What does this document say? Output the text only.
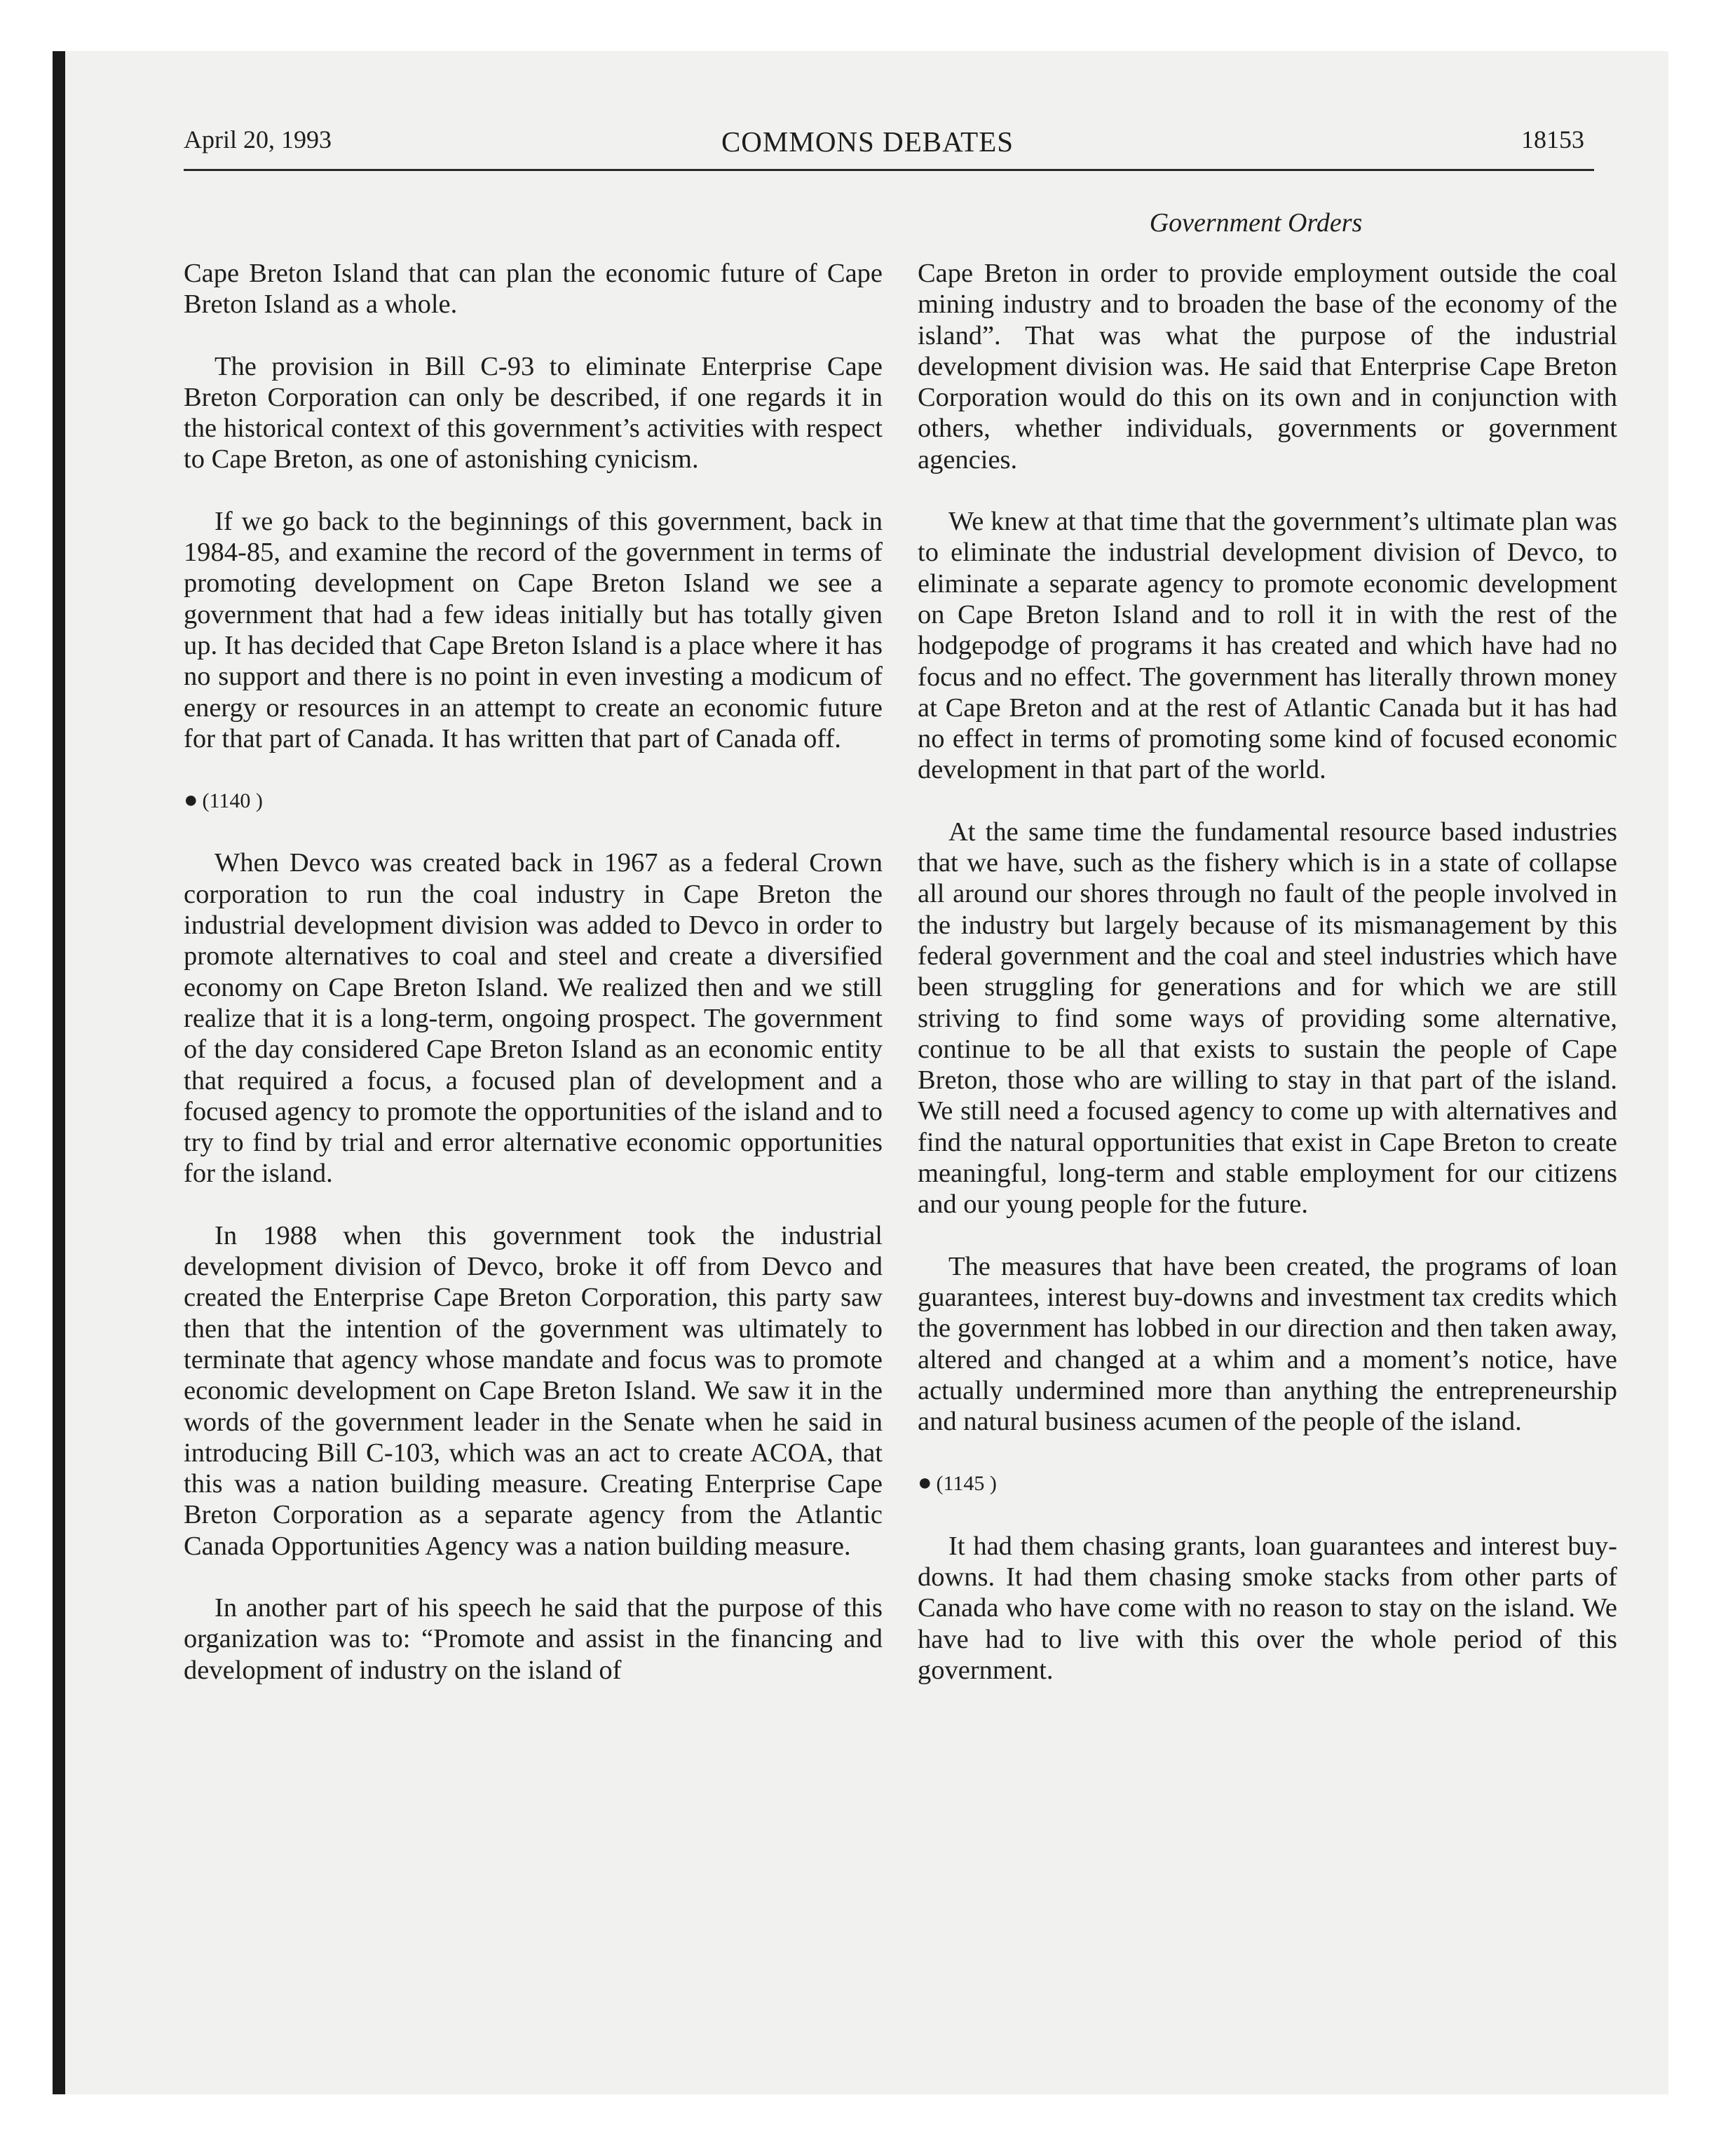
April 20, 1993	COMMONS DEBATES	18153
Government Orders

Cape Breton Island that can plan the economic future of Cape Breton Island as a whole.

The provision in Bill C-93 to eliminate Enterprise Cape Breton Corporation can only be described, if one regards it in the historical context of this government’s activities with respect to Cape Breton, as one of astonishing cynicism.

If we go back to the beginnings of this government, back in 1984-85, and examine the record of the government in terms of promoting development on Cape Breton Island we see a government that had a few ideas initially but has totally given up. It has decided that Cape Breton Island is a place where it has no support and there is no point in even investing a modicum of energy or resources in an attempt to create an economic future for that part of Canada. It has written that part of Canada off.

● (1140 )

When Devco was created back in 1967 as a federal Crown corporation to run the coal industry in Cape Breton the industrial development division was added to Devco in order to promote alternatives to coal and steel and create a diversified economy on Cape Breton Island. We realized then and we still realize that it is a long-term, ongoing prospect. The government of the day considered Cape Breton Island as an economic entity that required a focus, a focused plan of development and a focused agency to promote the opportunities of the island and to try to find by trial and error alternative economic opportunities for the island.

In 1988 when this government took the industrial development division of Devco, broke it off from Devco and created the Enterprise Cape Breton Corporation, this party saw then that the intention of the government was ultimately to terminate that agency whose mandate and focus was to promote economic development on Cape Breton Island. We saw it in the words of the government leader in the Senate when he said in introducing Bill C-103, which was an act to create ACOA, that this was a nation building measure. Creating Enterprise Cape Breton Corporation as a separate agency from the Atlantic Canada Opportunities Agency was a nation building measure.

In another part of his speech he said that the purpose of this organization was to: “Promote and assist in the financing and development of industry on the island of

Cape Breton in order to provide employment outside the coal mining industry and to broaden the base of the economy of the island”. That was what the purpose of the industrial development division was. He said that Enterprise Cape Breton Corporation would do this on its own and in conjunction with others, whether individuals, governments or government agencies.

We knew at that time that the government’s ultimate plan was to eliminate the industrial development division of Devco, to eliminate a separate agency to promote economic development on Cape Breton Island and to roll it in with the rest of the hodgepodge of programs it has created and which have had no focus and no effect. The government has literally thrown money at Cape Breton and at the rest of Atlantic Canada but it has had no effect in terms of promoting some kind of focused economic development in that part of the world.

At the same time the fundamental resource based industries that we have, such as the fishery which is in a state of collapse all around our shores through no fault of the people involved in the industry but largely because of its mismanagement by this federal government and the coal and steel industries which have been struggling for generations and for which we are still striving to find some ways of providing some alternative, continue to be all that exists to sustain the people of Cape Breton, those who are willing to stay in that part of the island. We still need a focused agency to come up with alternatives and find the natural opportunities that exist in Cape Breton to create meaningful, long-term and stable employment for our citizens and our young people for the future.

The measures that have been created, the programs of loan guarantees, interest buy-downs and investment tax credits which the government has lobbed in our direction and then taken away, altered and changed at a whim and a moment’s notice, have actually undermined more than anything the entrepreneurship and natural business acumen of the people of the island.

● (1145 )

It had them chasing grants, loan guarantees and interest buy-downs. It had them chasing smoke stacks from other parts of Canada who have come with no reason to stay on the island. We have had to live with this over the whole period of this government.
